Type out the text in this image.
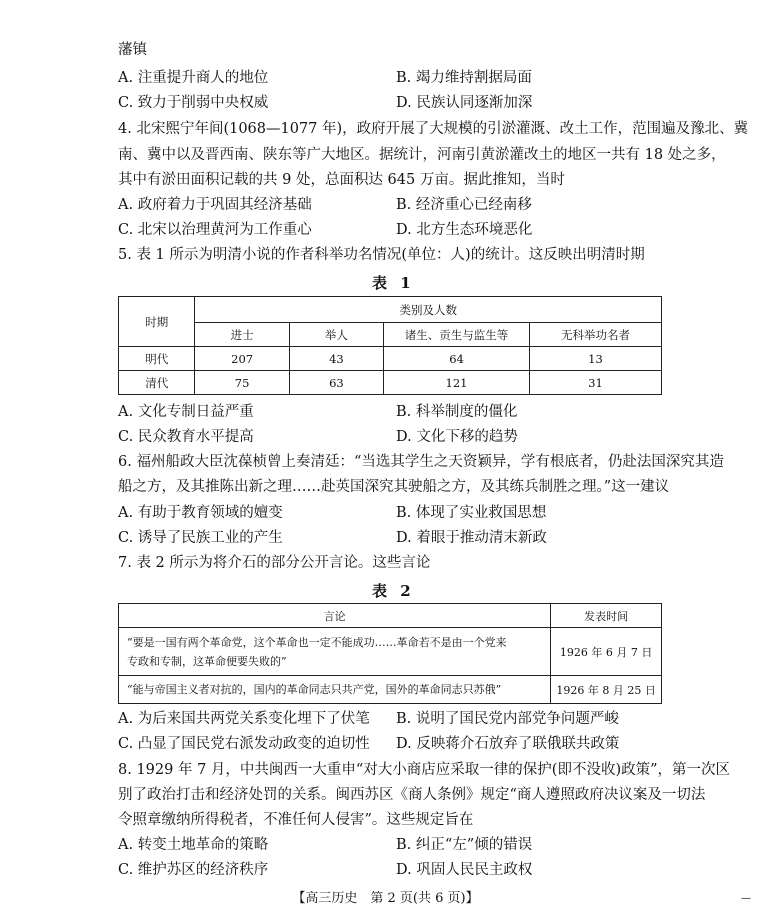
藩镇
A. 注重提升商人的地位	B. 竭力维持割据局面
C. 致力于削弱中央权威	D. 民族认同逐渐加深
4. 北宋熙宁年间(1068—1077 年)，政府开展了大规模的引淤灌溉、改土工作，范围遍及豫北、冀
南、冀中以及晋西南、陕东等广大地区。据统计，河南引黄淤灌改土的地区一共有 18 处之多，
其中有淤田面积记载的共 9 处，总面积达 645 万亩。据此推知，当时
A. 政府着力于巩固其经济基础	B. 经济重心已经南移
C. 北宋以治理黄河为工作重心	D. 北方生态环境恶化
5. 表 1 所示为明清小说的作者科举功名情况(单位：人)的统计。这反映出明清时期
表 1
时期	类别及人数			
	进士	举人	诸生、贡生与监生等	无科举功名者
明代	207	43	64	13
清代	75	63	121	31
A. 文化专制日益严重	B. 科举制度的僵化
C. 民众教育水平提高	D. 文化下移的趋势
6. 福州船政大臣沈葆桢曾上奏清廷：“当选其学生之天资颖异，学有根底者，仍赴法国深究其造
船之方，及其推陈出新之理……赴英国深究其驶船之方，及其练兵制胜之理。”这一建议
A. 有助于教育领域的嬗变	B. 体现了实业救国思想
C. 诱导了民族工业的产生	D. 着眼于推动清末新政
7. 表 2 所示为将介石的部分公开言论。这些言论
表 2
言论	发表时间

“要是一国有两个革命党，这个革命也一定不能成功……革命若不是由一个党来
专政和专制，这革命便要失败的”	1926 年 6 月 7 日

“能与帝国主义者对抗的，国内的革命同志只共产党，国外的革命同志只苏俄”	1926 年 8 月 25 日
A. 为后来国共两党关系变化埋下了伏笔 B. 说明了国民党内部党争问题严峻
C. 凸显了国民党右派发动政变的迫切性 D. 反映蒋介石放弃了联俄联共政策
8. 1929 年 7 月，中共闽西一大重申“对大小商店应采取一律的保护(即不没收)政策”，第一次区
别了政治打击和经济处罚的关系。闽西苏区《商人条例》规定“商人遵照政府决议案及一切法
令照章缴纳所得税者，不准任何人侵害”。这些规定旨在
A. 转变土地革命的策略	B. 纠正“左”倾的错误
C. 维护苏区的经济秩序	D. 巩固人民民主政权
【高三历史　第 2 页(共 6 页)】	—
